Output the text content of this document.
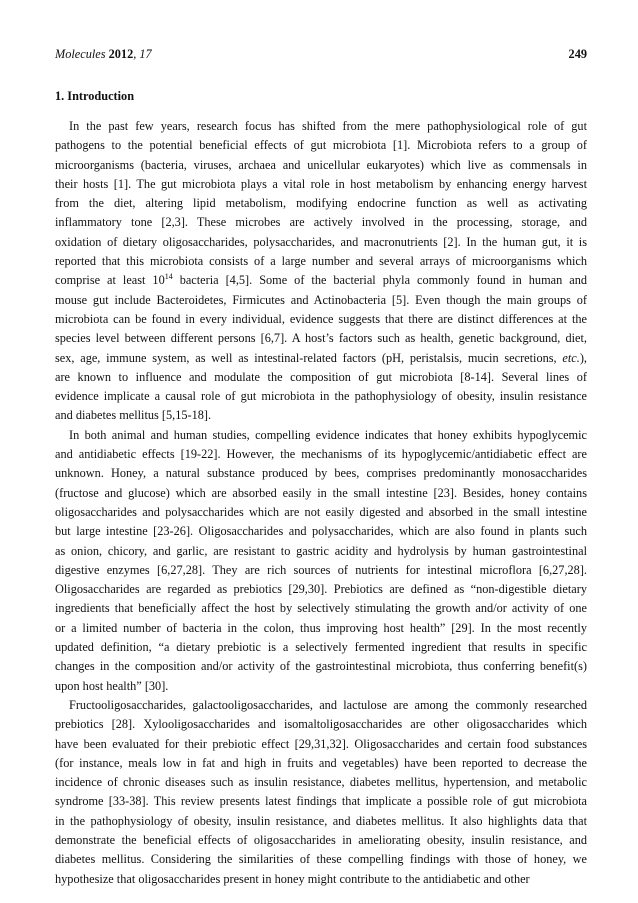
Molecules 2012, 17	249
1. Introduction
In the past few years, research focus has shifted from the mere pathophysiological role of gut
pathogens to the potential beneficial effects of gut microbiota [1]. Microbiota refers to a group of
microorganisms (bacteria, viruses, archaea and unicellular eukaryotes) which live as commensals in
their hosts [1]. The gut microbiota plays a vital role in host metabolism by enhancing energy harvest
from the diet, altering lipid metabolism, modifying endocrine function as well as activating
inflammatory tone [2,3]. These microbes are actively involved in the processing, storage, and
oxidation of dietary oligosaccharides, polysaccharides, and macronutrients [2]. In the human gut, it is
reported that this microbiota consists of a large number and several arrays of microorganisms which
comprise at least $10^{14}$ bacteria [4,5]. Some of the bacterial phyla commonly found in human and
mouse gut include Bacteroidetes, Firmicutes and Actinobacteria [5]. Even though the main groups of
microbiota can be found in every individual, evidence suggests that there are distinct differences at the
species level between different persons [6,7]. A host’s factors such as health, genetic background, diet,
sex, age, immune system, as well as intestinal-related factors (pH, peristalsis, mucin secretions, etc.),
are known to influence and modulate the composition of gut microbiota [8-14]. Several lines of
evidence implicate a causal role of gut microbiota in the pathophysiology of obesity, insulin resistance
and diabetes mellitus [5,15-18].
In both animal and human studies, compelling evidence indicates that honey exhibits hypoglycemic
and antidiabetic effects [19-22]. However, the mechanisms of its hypoglycemic/antidiabetic effect are
unknown. Honey, a natural substance produced by bees, comprises predominantly monosaccharides
(fructose and glucose) which are absorbed easily in the small intestine [23]. Besides, honey contains
oligosaccharides and polysaccharides which are not easily digested and absorbed in the small intestine
but large intestine [23-26]. Oligosaccharides and polysaccharides, which are also found in plants such
as onion, chicory, and garlic, are resistant to gastric acidity and hydrolysis by human gastrointestinal
digestive enzymes [6,27,28]. They are rich sources of nutrients for intestinal microflora [6,27,28].
Oligosaccharides are regarded as prebiotics [29,30]. Prebiotics are defined as “non-digestible dietary
ingredients that beneficially affect the host by selectively stimulating the growth and/or activity of one
or a limited number of bacteria in the colon, thus improving host health” [29]. In the most recently
updated definition, “a dietary prebiotic is a selectively fermented ingredient that results in specific
changes in the composition and/or activity of the gastrointestinal microbiota, thus conferring benefit(s)
upon host health” [30].
Fructooligosaccharides, galactooligosaccharides, and lactulose are among the commonly researched
prebiotics [28]. Xylooligosaccharides and isomaltoligosaccharides are other oligosaccharides which
have been evaluated for their prebiotic effect [29,31,32]. Oligosaccharides and certain food substances
(for instance, meals low in fat and high in fruits and vegetables) have been reported to decrease the
incidence of chronic diseases such as insulin resistance, diabetes mellitus, hypertension, and metabolic
syndrome [33-38]. This review presents latest findings that implicate a possible role of gut microbiota
in the pathophysiology of obesity, insulin resistance, and diabetes mellitus. It also highlights data that
demonstrate the beneficial effects of oligosaccharides in ameliorating obesity, insulin resistance, and
diabetes mellitus. Considering the similarities of these compelling findings with those of honey, we
hypothesize that oligosaccharides present in honey might contribute to the antidiabetic and other
